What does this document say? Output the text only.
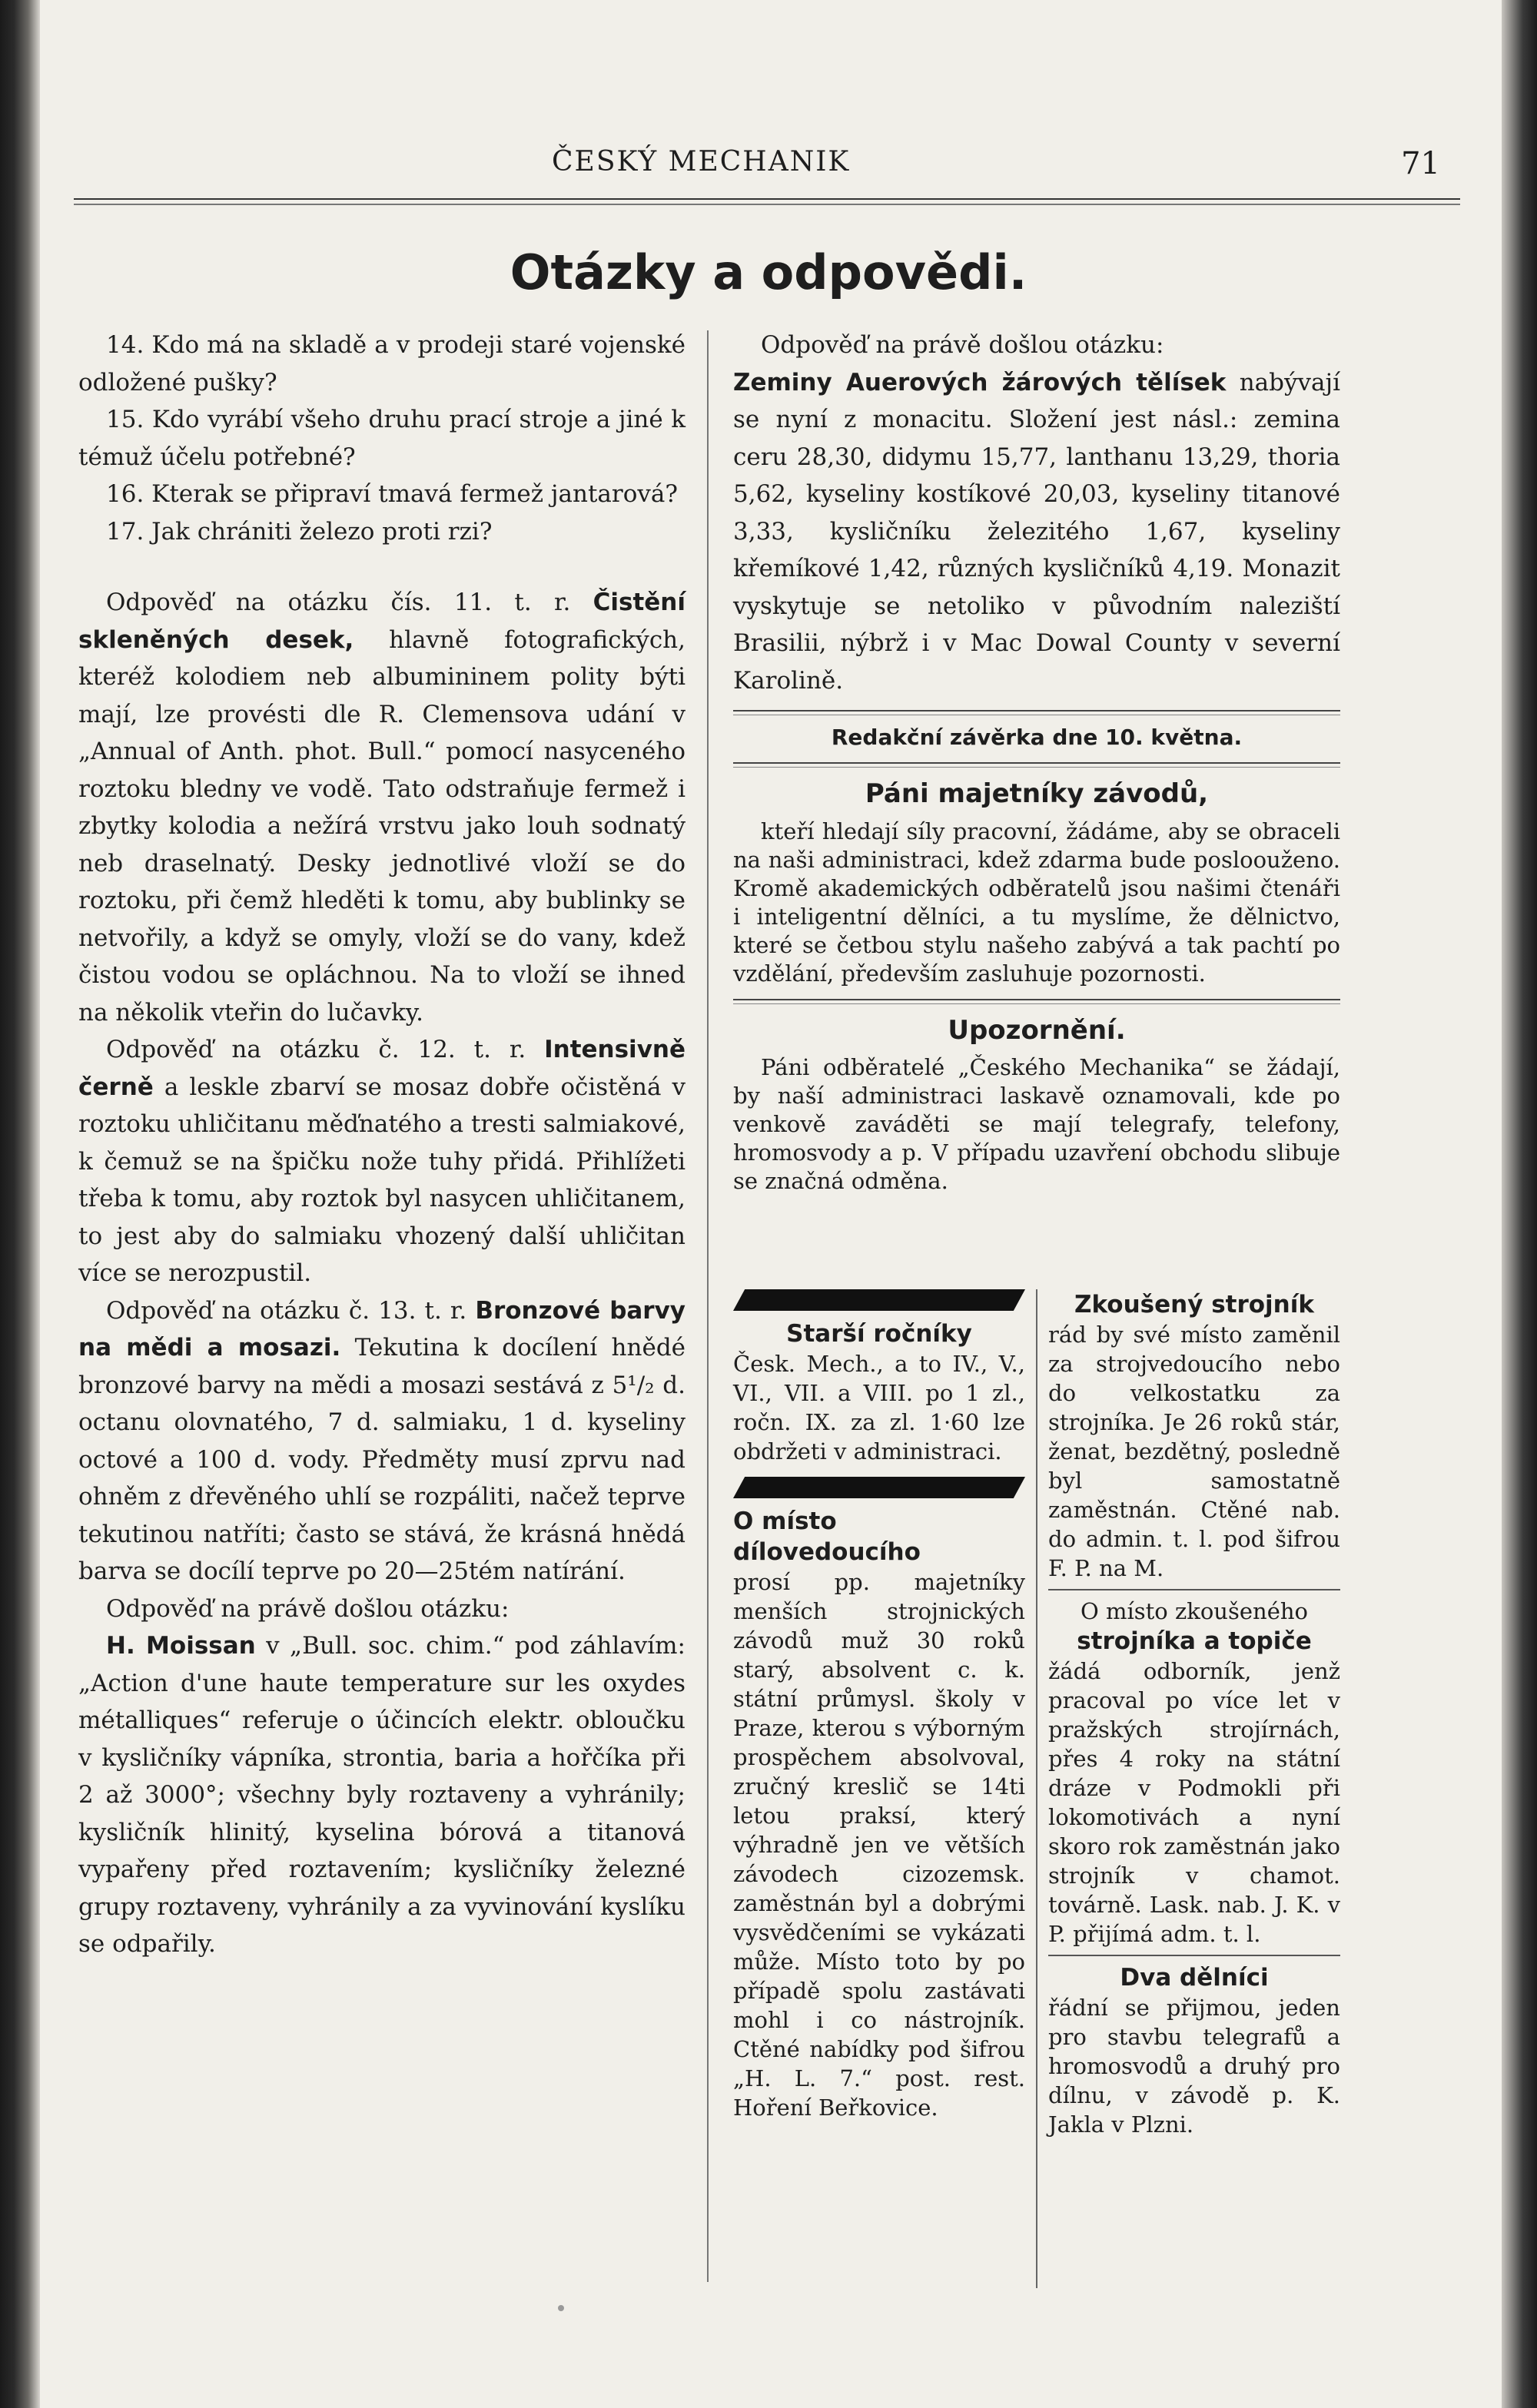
ČESKÝ MECHANIK	71
Otázky a odpovědi.

14. Kdo má na skladě a v prodeji staré vojenské odložené pušky?

15. Kdo vyrábí všeho druhu prací stroje a jiné k témuž účelu potřebné?

16. Kterak se připraví tmavá fermež jantarová?

17. Jak chrániti železo proti rzi?

Odpověď na otázku čís. 11. t. r. Čistění skleněných desek, hlavně fotografických, kteréž kolodiem neb albumininem polity býti mají, lze provésti dle R. Clemensova udání v „Annual of Anth. phot. Bull.“ pomocí nasyceného roztoku bledny ve vodě. Tato odstraňuje fermež i zbytky kolodia a nežírá vrstvu jako louh sodnatý neb draselnatý. Desky jednotlivé vloží se do roztoku, při čemž hleděti k tomu, aby bublinky se netvořily, a když se omyly, vloží se do vany, kdež čistou vodou se opláchnou. Na to vloží se ihned na několik vteřin do lučavky.

Odpověď na otázku č. 12. t. r. Intensivně černě a leskle zbarví se mosaz dobře očistěná v roztoku uhličitanu měďnatého a tresti salmiakové, k čemuž se na špičku nože tuhy přidá. Přihlížeti třeba k tomu, aby roztok byl nasycen uhličitanem, to jest aby do salmiaku vhozený další uhličitan více se nerozpustil.

Odpověď na otázku č. 13. t. r. Bronzové barvy na mědi a mosazi. Tekutina k docílení hnědé bronzové barvy na mědi a mosazi sestává z 5¹/₂ d. octanu olovnatého, 7 d. salmiaku, 1 d. kyseliny octové a 100 d. vody. Předměty musí zprvu nad ohněm z dřevěného uhlí se rozpáliti, načež teprve tekutinou natříti; často se stává, že krásná hnědá barva se docílí teprve po 20—25tém natírání.

Odpověď na právě došlou otázku:

H. Moissan v „Bull. soc. chim.“ pod záhlavím: „Action d'une haute temperature sur les oxydes métalliques“ referuje o účincích elektr. obloučku v kysličníky vápníka, strontia, baria a hořčíka při 2 až 3000°; všechny byly roztaveny a vyhránily; kysličník hlinitý, kyselina bórová a titanová vypařeny před roztavením; kysličníky železné grupy roztaveny, vyhránily a za vyvinování kyslíku se odpařily.

Odpověď na právě došlou otázku:

Zeminy Auerových žárových tělísek nabývají se nyní z monacitu. Složení jest násl.: zemina ceru 28,30, didymu 15,77, lanthanu 13,29, thoria 5,62, kyseliny kostíkové 20,03, kyseliny titanové 3,33, kysličníku železitého 1,67, kyseliny křemíkové 1,42, různých kysličníků 4,19. Monazit vyskytuje se netoliko v původním naleziští Brasilii, nýbrž i v Mac Dowal County v severní Karolině.

Redakční závěrka dne 10. května.
Páni majetníky závodů,

kteří hledají síly pracovní, žádáme, aby se obraceli na naši administraci, kdež zdarma bude posloouženo. Kromě akademických odběratelů jsou našimi čtenáři i inteligentní dělníci, a tu myslíme, že dělnictvo, které se četbou stylu našeho zabývá a tak pachtí po vzdělání, především zasluhuje pozornosti.

Upozornění.

Páni odběratelé „Českého Mechanika“ se žádají, by naší administraci laskavě oznamovali, kde po venkově zaváděti se mají telegrafy, telefony, hromosvody a p. V případu uzavření obchodu slibuje se značná odměna.

Starší ročníky

Česk. Mech., a to IV., V., VI., VII. a VIII. po 1 zl., ročn. IX. za zl. 1·60 lze obdržeti v administraci.

O místo dílovedoucího

prosí pp. majetníky menších strojnických závodů muž 30 roků starý, absolvent c. k. státní průmysl. školy v Praze, kterou s výborným prospěchem absolvoval, zručný kreslič se 14ti letou praksí, který výhradně jen ve větších závodech cizozemsk. zaměstnán byl a dobrými vysvědčeními se vykázati může. Místo toto by po případě spolu zastávati mohl i co nástrojník. Ctěné nabídky pod šifrou „H. L. 7.“ post. rest. Hoření Beřkovice.

Zkoušený strojník

rád by své místo zaměnil za strojvedoucího nebo do velkostatku za strojníka. Je 26 roků stár, ženat, bezdětný, posledně byl samostatně zaměstnán. Ctěné nab. do admin. t. l. pod šifrou F. P. na M.

O místo zkoušeného
strojníka a topiče

žádá odborník, jenž pracoval po více let v pražských strojírnách, přes 4 roky na státní dráze v Podmokli při lokomotivách a nyní skoro rok zaměstnán jako strojník v chamot. továrně. Lask. nab. J. K. v P. přijímá adm. t. l.

Dva dělníci

řádní se přijmou, jeden pro stavbu telegrafů a hromosvodů a druhý pro dílnu, v závodě p. K. Jakla v Plzni.
